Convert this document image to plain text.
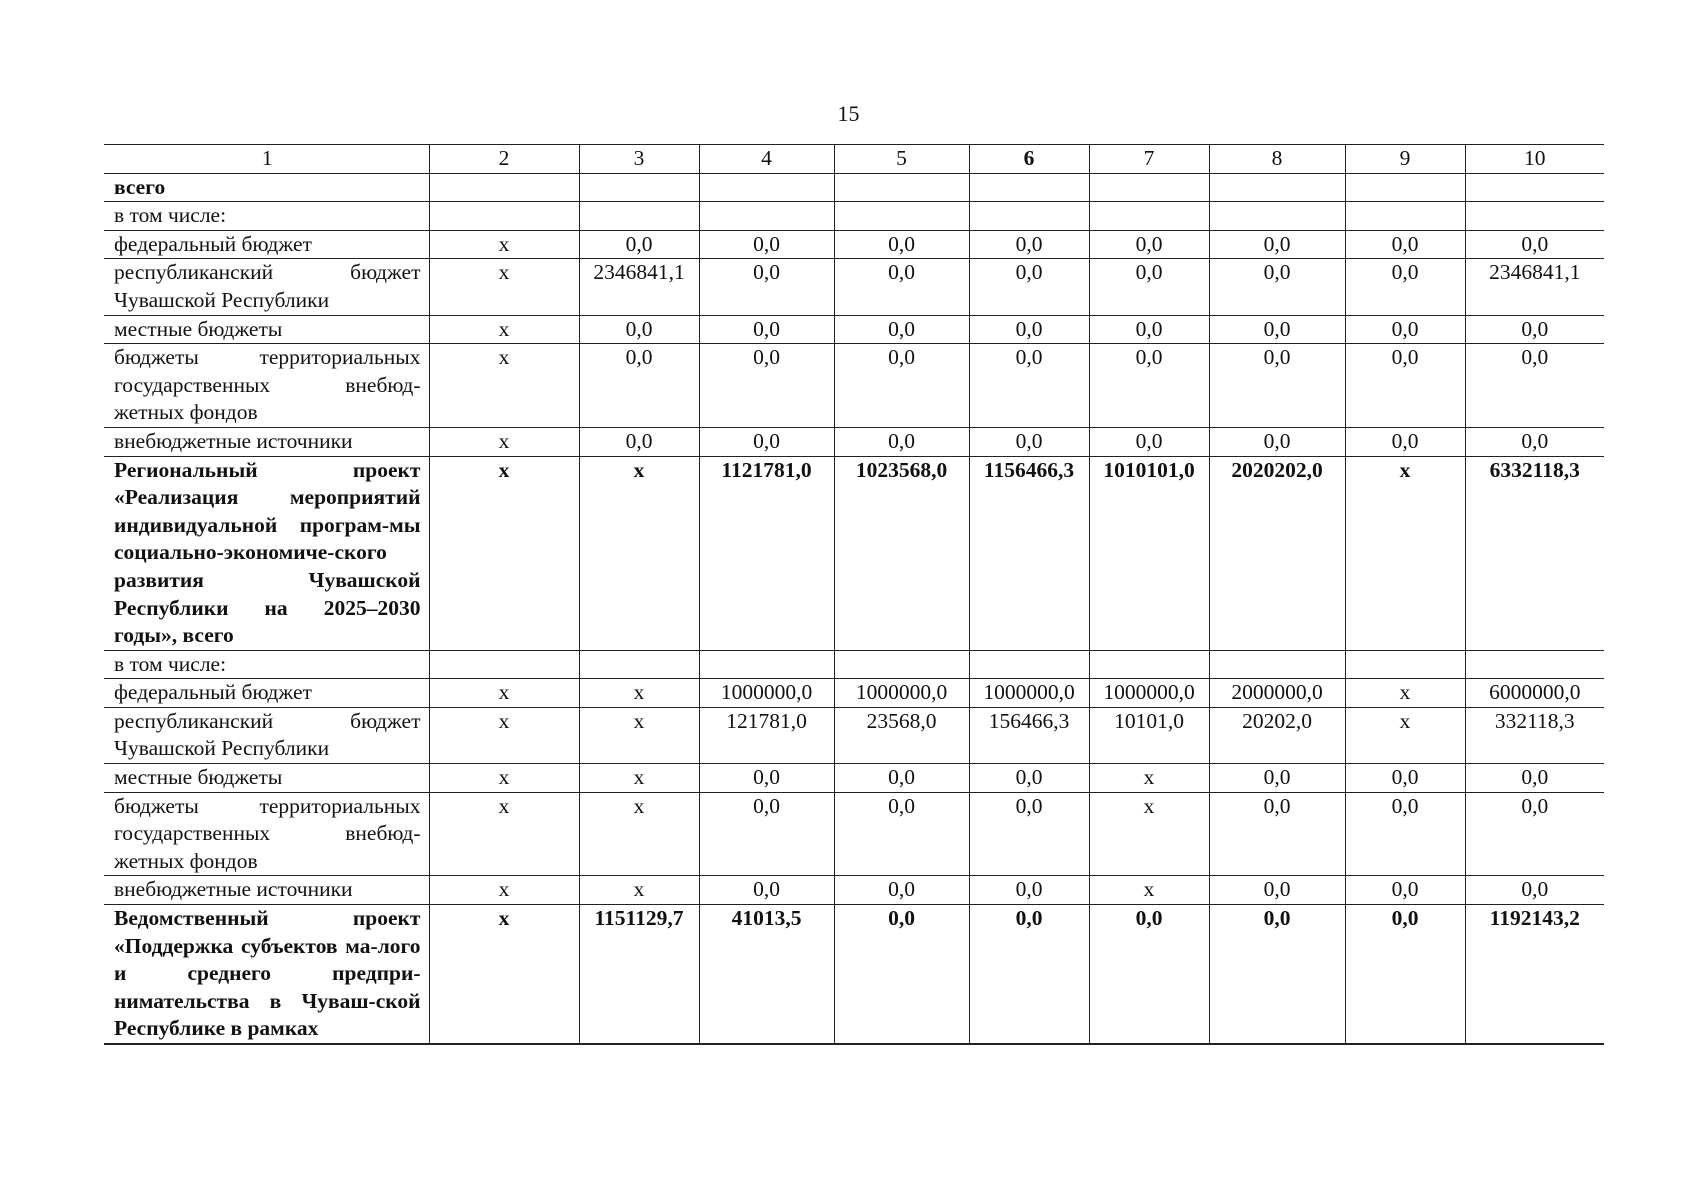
15
1	2	3	4	5	6	7	8	9	10
всего									
в том числе:									
федеральный бюджет	х	0,0	0,0	0,0	0,0	0,0	0,0	0,0	0,0
республиканский бюджет Чувашской Республики	х	2346841,1	0,0	0,0	0,0	0,0	0,0	0,0	2346841,1
местные бюджеты	х	0,0	0,0	0,0	0,0	0,0	0,0	0,0	0,0
бюджеты территориальных государственных внебюд-жетных фондов	х	0,0	0,0	0,0	0,0	0,0	0,0	0,0	0,0
внебюджетные источники	х	0,0	0,0	0,0	0,0	0,0	0,0	0,0	0,0
Региональный проект «Реализация мероприятий индивидуальной програм-мы социально-экономиче-ского развития Чувашской Республики на 2025–2030 годы», всего	х	х	1121781,0	1023568,0	1156466,3	1010101,0	2020202,0	х	6332118,3
в том числе:									
федеральный бюджет	х	х	1000000,0	1000000,0	1000000,0	1000000,0	2000000,0	х	6000000,0
республиканский бюджет Чувашской Республики	х	х	121781,0	23568,0	156466,3	10101,0	20202,0	х	332118,3
местные бюджеты	х	х	0,0	0,0	0,0	х	0,0	0,0	0,0
бюджеты территориальных государственных внебюд-жетных фондов	х	х	0,0	0,0	0,0	х	0,0	0,0	0,0
внебюджетные источники	х	х	0,0	0,0	0,0	х	0,0	0,0	0,0
Ведомственный проект «Поддержка субъектов ма-лого и среднего предпри-нимательства в Чуваш-ской Республике в рамках	х	1151129,7	41013,5	0,0	0,0	0,0	0,0	0,0	1192143,2
